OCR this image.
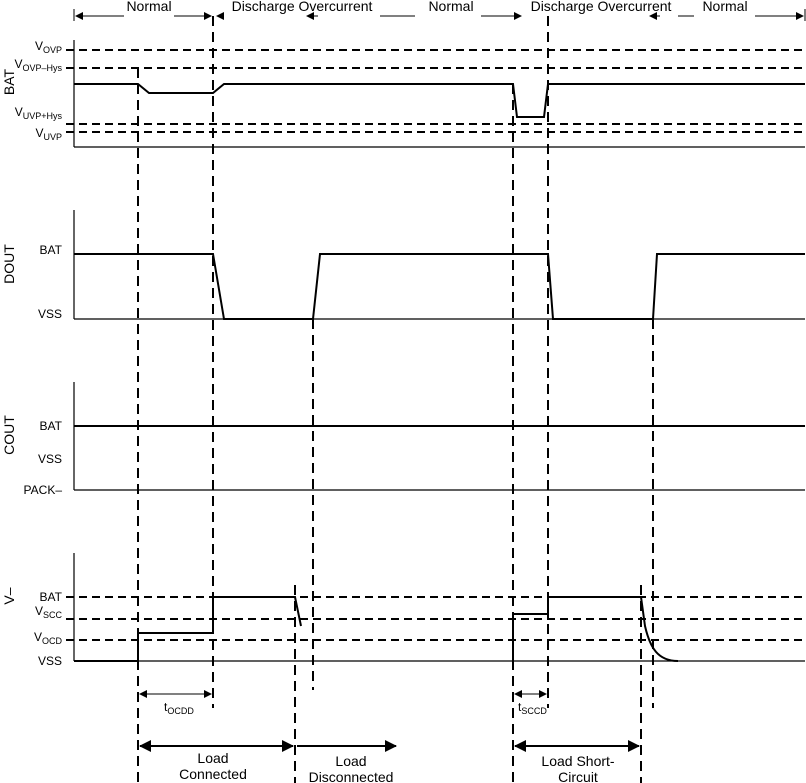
Normal	Discharge Overcurrent	Normal	Discharge Overcurrent Normal
BAT
$V_{OVP}$
$V_{OVP-Hys}$
$V_{UVP+Hys}$
$V_{UVP}$
DOUT BAT
VSS
COUT BAT
VSS
PACK–
V– BAT
$V_{SCC}$
$V_{OCD}$
VSS
$t_{OCDD}$	$t_{SCCD}$
Load Connected
Load Disconnected
Load Short-Circuit
